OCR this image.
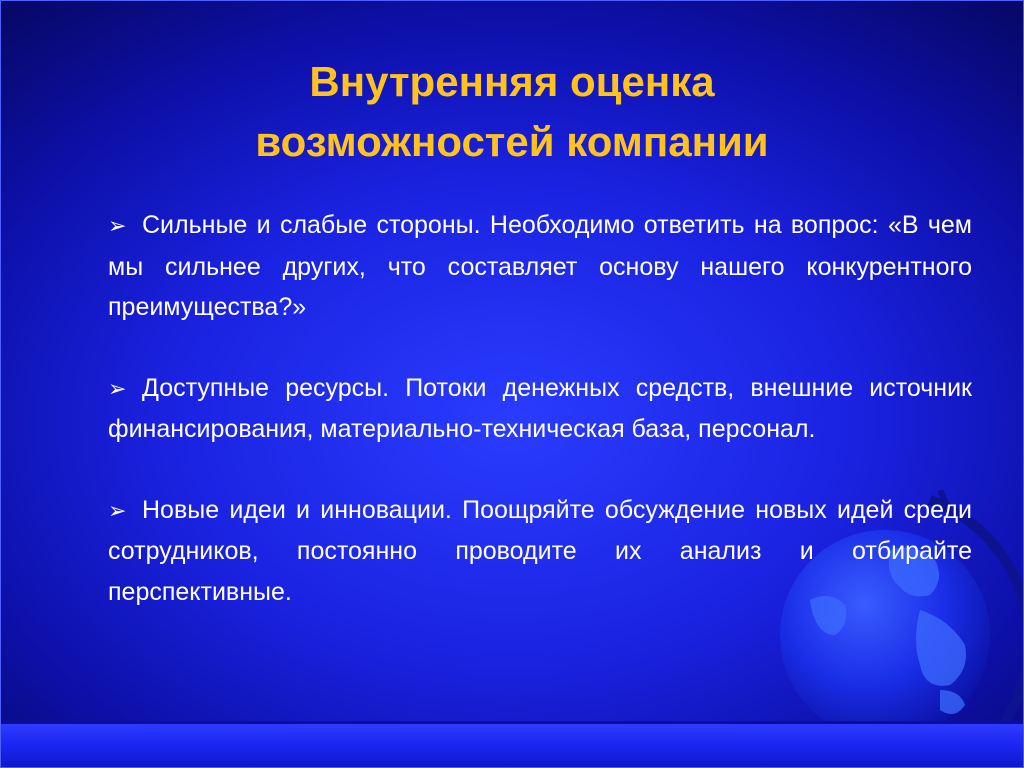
Внутренняя оценка
возможностей компании

➢ Сильные и слабые стороны. Необходимо ответить на вопрос: «В чем мы сильнее других, что составляет основу нашего конкурентного преимущества?»

➢ Доступные ресурсы. Потоки денежных средств, внешние источник финансирования, материально-техническая база, персонал.

➢ Новые идеи и инновации. Поощряйте обсуждение новых идей среди сотрудников, постоянно проводите их анализ и отбирайте перспективные.
